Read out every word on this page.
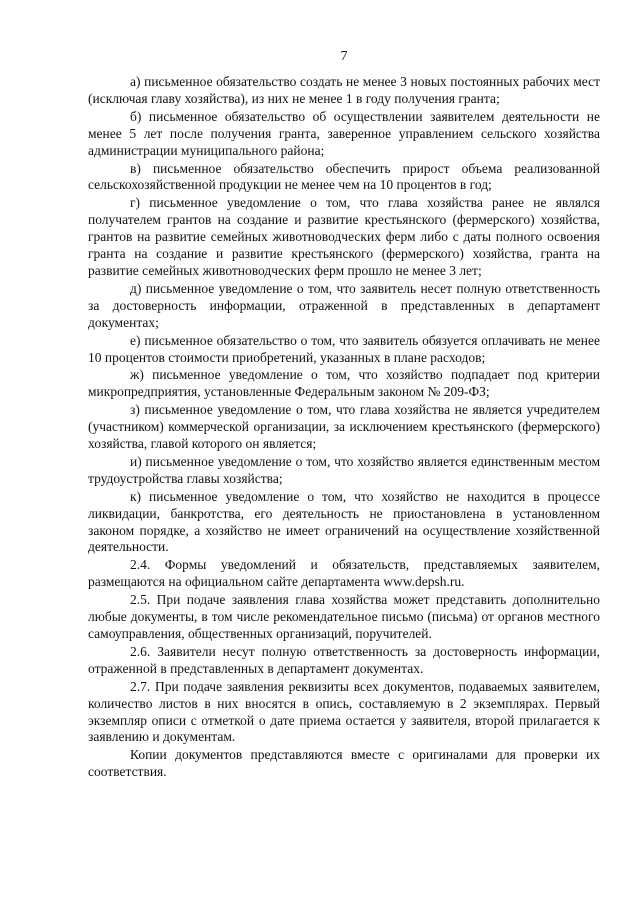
7

а) письменное обязательство создать не менее 3 новых постоянных рабочих мест (исключая главу хозяйства), из них не менее 1 в году получения гранта;

б) письменное обязательство об осуществлении заявителем деятельности не менее 5 лет после получения гранта, заверенное управлением сельского хозяйства администрации муниципального района;

в) письменное обязательство обеспечить прирост объема реализованной сельскохозяйственной продукции не менее чем на 10 процентов в год;

г) письменное уведомление о том, что глава хозяйства ранее не являлся получателем грантов на создание и развитие крестьянского (фермерского) хозяйства, грантов на развитие семейных животноводческих ферм либо с даты полного освоения гранта на создание и развитие крестьянского (фермерского) хозяйства, гранта на развитие семейных животноводческих ферм прошло не менее 3 лет;

д) письменное уведомление о том, что заявитель несет полную ответственность за достоверность информации, отраженной в представленных в департамент документах;

е) письменное обязательство о том, что заявитель обязуется оплачивать не менее 10 процентов стоимости приобретений, указанных в плане расходов;

ж) письменное уведомление о том, что хозяйство подпадает под критерии микропредприятия, установленные Федеральным законом № 209-ФЗ;

з) письменное уведомление о том, что глава хозяйства не является учредителем (участником) коммерческой организации, за исключением крестьянского (фермерского) хозяйства, главой которого он является;

и) письменное уведомление о том, что хозяйство является единственным местом трудоустройства главы хозяйства;

к) письменное уведомление о том, что хозяйство не находится в процессе ликвидации, банкротства, его деятельность не приостановлена в установленном законом порядке, а хозяйство не имеет ограничений на осуществление хозяйственной деятельности.

2.4. Формы уведомлений и обязательств, представляемых заявителем, размещаются на официальном сайте департамента www.depsh.ru.

2.5. При подаче заявления глава хозяйства может представить дополнительно любые документы, в том числе рекомендательное письмо (письма) от органов местного самоуправления, общественных организаций, поручителей.

2.6. Заявители несут полную ответственность за достоверность информации, отраженной в представленных в департамент документах.

2.7. При подаче заявления реквизиты всех документов, подаваемых заявителем, количество листов в них вносятся в опись, составляемую в 2 экземплярах. Первый экземпляр описи с отметкой о дате приема остается у заявителя, второй прилагается к заявлению и документам.

Копии документов представляются вместе с оригиналами для проверки их соответствия.
